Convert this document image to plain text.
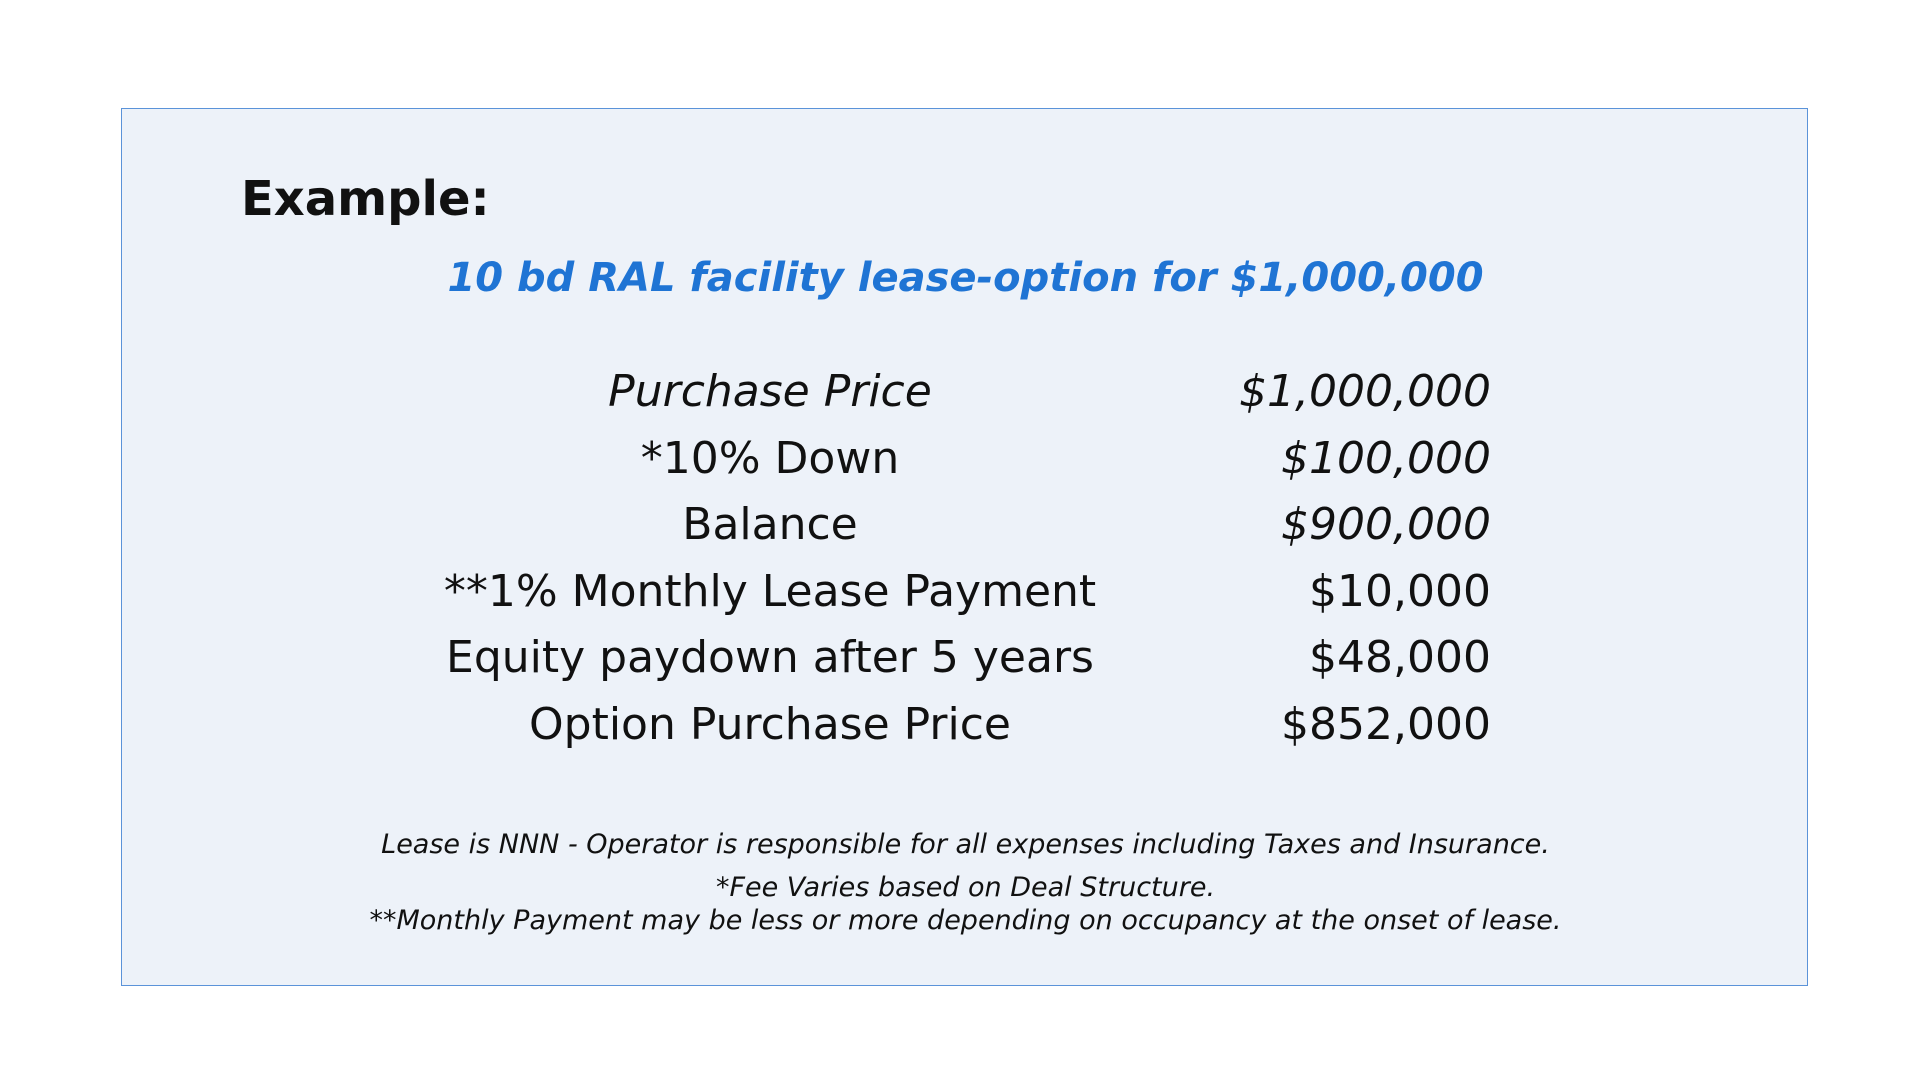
Example:
10 bd RAL facility lease-option for $1,000,000
Purchase Price	$1,000,000
*10% Down	$100,000
Balance	$900,000
**1% Monthly Lease Payment	$10,000
Equity paydown after 5 years	$48,000
Option Purchase Price	$852,000
Lease is NNN - Operator is responsible for all expenses including Taxes and Insurance.
*Fee Varies based on Deal Structure.
**Monthly Payment may be less or more depending on occupancy at the onset of lease.
